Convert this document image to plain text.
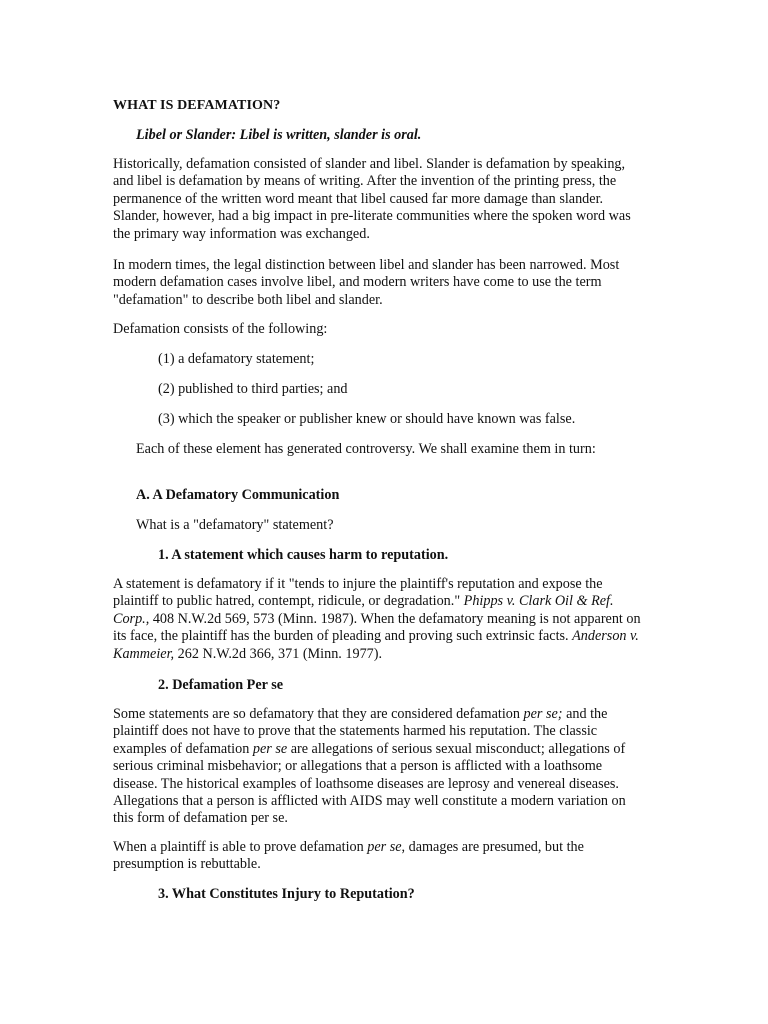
WHAT IS DEFAMATION?
Libel or Slander: Libel is written, slander is oral.

Historically, defamation consisted of slander and libel. Slander is defamation by speaking, and libel is defamation by means of writing. After the invention of the printing press, the permanence of the written word meant that libel caused far more damage than slander. Slander, however, had a big impact in pre-literate communities where the spoken word was the primary way information was exchanged.

In modern times, the legal distinction between libel and slander has been narrowed. Most modern defamation cases involve libel, and modern writers have come to use the term "defamation" to describe both libel and slander.

Defamation consists of the following:

(1) a defamatory statement;

(2) published to third parties; and

(3) which the speaker or publisher knew or should have known was false.

Each of these element has generated controversy. We shall examine them in turn:

A. A Defamatory Communication

What is a "defamatory" statement?

1. A statement which causes harm to reputation.

A statement is defamatory if it "tends to injure the plaintiff's reputation and expose the plaintiff to public hatred, contempt, ridicule, or degradation." Phipps v. Clark Oil & Ref. Corp., 408 N.W.2d 569, 573 (Minn. 1987). When the defamatory meaning is not apparent on its face, the plaintiff has the burden of pleading and proving such extrinsic facts. Anderson v. Kammeier, 262 N.W.2d 366, 371 (Minn. 1977).

2. Defamation Per se

Some statements are so defamatory that they are considered defamation per se; and the plaintiff does not have to prove that the statements harmed his reputation. The classic examples of defamation per se are allegations of serious sexual misconduct; allegations of serious criminal misbehavior; or allegations that a person is afflicted with a loathsome disease. The historical examples of loathsome diseases are leprosy and venereal diseases. Allegations that a person is afflicted with AIDS may well constitute a modern variation on this form of defamation per se.

When a plaintiff is able to prove defamation per se, damages are presumed, but the presumption is rebuttable.

3. What Constitutes Injury to Reputation?
